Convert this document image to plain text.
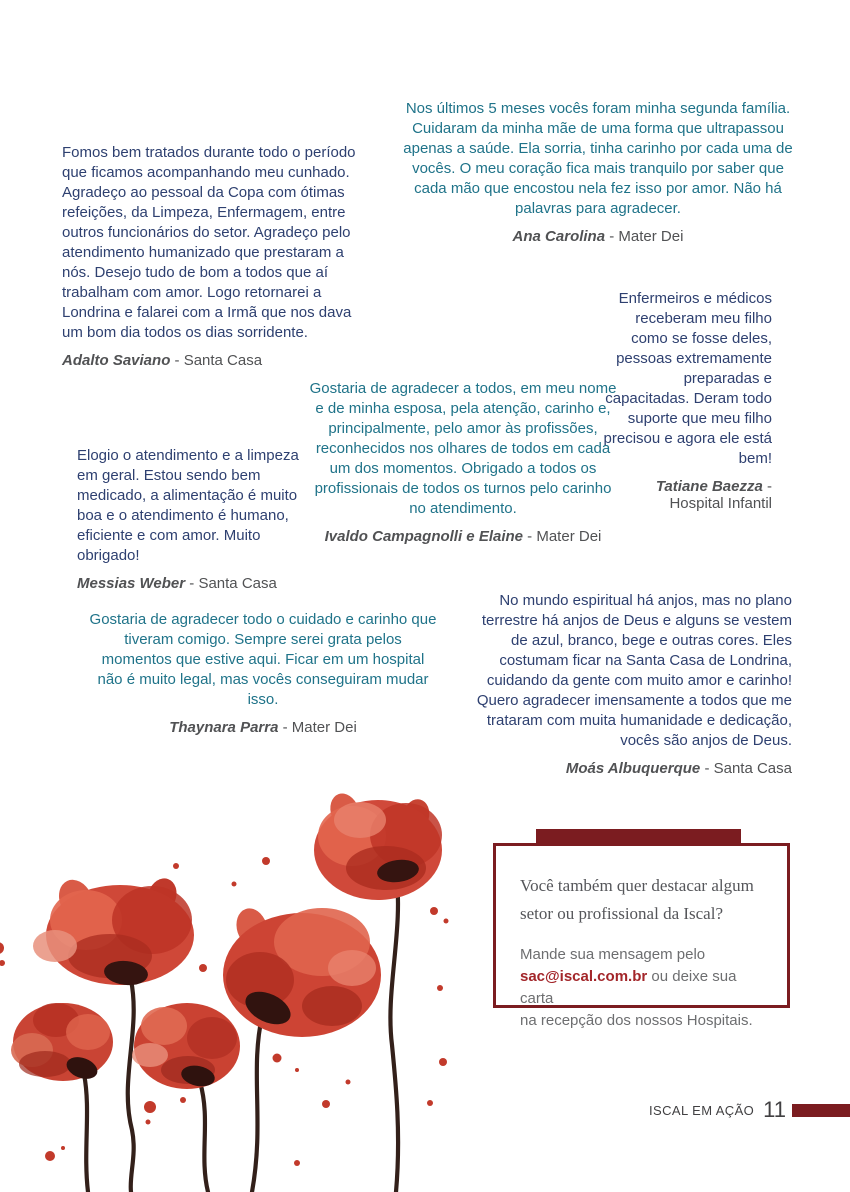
Fomos bem tratados durante todo o período que ficamos acompanhando meu cunhado. Agradeço ao pessoal da Copa com ótimas refeições, da Limpeza, Enfermagem, entre outros funcionários do setor. Agradeço pelo atendimento humanizado que prestaram a nós. Desejo tudo de bom a todos que aí trabalham com amor. Logo retornarei a Londrina e falarei com a Irmã que nos dava um bom dia todos os dias sorridente.

Adalto Saviano - Santa Casa

Nos últimos 5 meses vocês foram minha segunda família. Cuidaram da minha mãe de uma forma que ultrapassou apenas a saúde. Ela sorria, tinha carinho por cada uma de vocês. O meu coração fica mais tranquilo por saber que cada mão que encostou nela fez isso por amor. Não há palavras para agradecer.

Ana Carolina - Mater Dei

Enfermeiros e médicos receberam meu filho como se fosse deles, pessoas extremamente preparadas e capacitadas. Deram todo suporte que meu filho precisou e agora ele está bem!

Tatiane Baezza - Hospital Infantil

Gostaria de agradecer a todos, em meu nome e de minha esposa, pela atenção, carinho e, principalmente, pelo amor às profissões, reconhecidos nos olhares de todos em cada um dos momentos. Obrigado a todos os profissionais de todos os turnos pelo carinho no atendimento.

Ivaldo Campagnolli e Elaine - Mater Dei

Elogio o atendimento e a limpeza em geral. Estou sendo bem medicado, a alimentação é muito boa e o atendimento é humano, eficiente e com amor. Muito obrigado!

Messias Weber - Santa Casa

Gostaria de agradecer todo o cuidado e carinho que tiveram comigo. Sempre serei grata pelos momentos que estive aqui. Ficar em um hospital não é muito legal, mas vocês conseguiram mudar isso.

Thaynara Parra - Mater Dei

No mundo espiritual há anjos, mas no plano terrestre há anjos de Deus e alguns se vestem de azul, branco, bege e outras cores. Eles costumam ficar na Santa Casa de Londrina, cuidando da gente com muito amor e carinho! Quero agradecer imensamente a todos que me trataram com muita humanidade e dedicação, vocês são anjos de Deus.

Moás Albuquerque - Santa Casa

Você também quer destacar algum
setor ou profissional da Iscal?

Mande sua mensagem pelo
sac@iscal.com.br ou deixe sua carta
na recepção dos nossos Hospitais.

ISCAL EM AÇÃO 11
